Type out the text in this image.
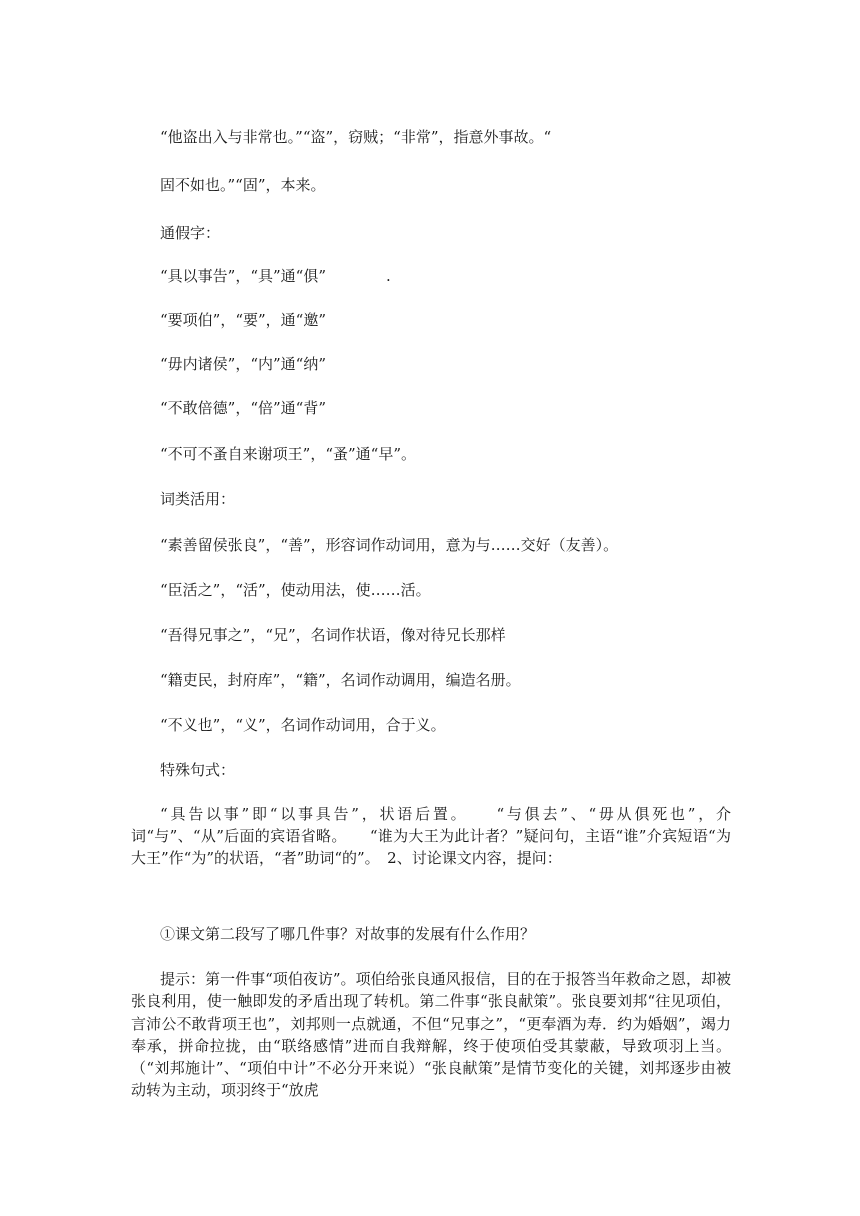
“他盗出入与非常也。”“盗”，窃贼；“非常”，指意外事故。“
固不如也。”“固”，本来。
通假字：
“具以事告”，“具”通“俱”　　　　.
“要项伯”，“要”，通“邀”
“毋内诸侯”，“内”通“纳”
“不敢倍德”，“倍”通“背”
“不可不蚤自来谢项王”，“蚤”通“早”。
词类活用：
“素善留侯张良”，“善”，形容词作动词用，意为与……交好（友善）。
“臣活之”，“活”，使动用法，使……活。
“吾得兄事之”，“兄”，名词作状语，像对待兄长那样
“籍吏民，封府库”，“籍”，名词作动调用，编造名册。
“不义也”，“义”，名词作动词用，合于义。
特殊句式：
“具告以事”即“以事具告”，状语后置。　　“与俱去”、“毋从俱死也”，介词“与”、“从”后面的宾语省略。　　“谁为大王为此计者？”疑问句，主语“谁”介宾短语“为大王”作“为”的状语，“者”助词“的”。　2、讨论课文内容，提问：
①课文第二段写了哪几件事？对故事的发展有什么作用？
提示：第一件事“项伯夜访”。项伯给张良通风报信，目的在于报答当年救命之恩，却被张良利用，使一触即发的矛盾出现了转机。第二件事“张良献策”。张良要刘邦“往见项伯，言沛公不敢背项王也”，刘邦则一点就通，不但“兄事之”，“更奉酒为寿．约为婚姻”，竭力奉承，拼命拉拢，由“联络感情”进而自我辩解，终于使项伯受其蒙蔽，导致项羽上当。（“刘邦施计”、“项伯中计”不必分开来说）“张良献策”是情节变化的关键，刘邦逐步由被动转为主动，项羽终于“放虎
